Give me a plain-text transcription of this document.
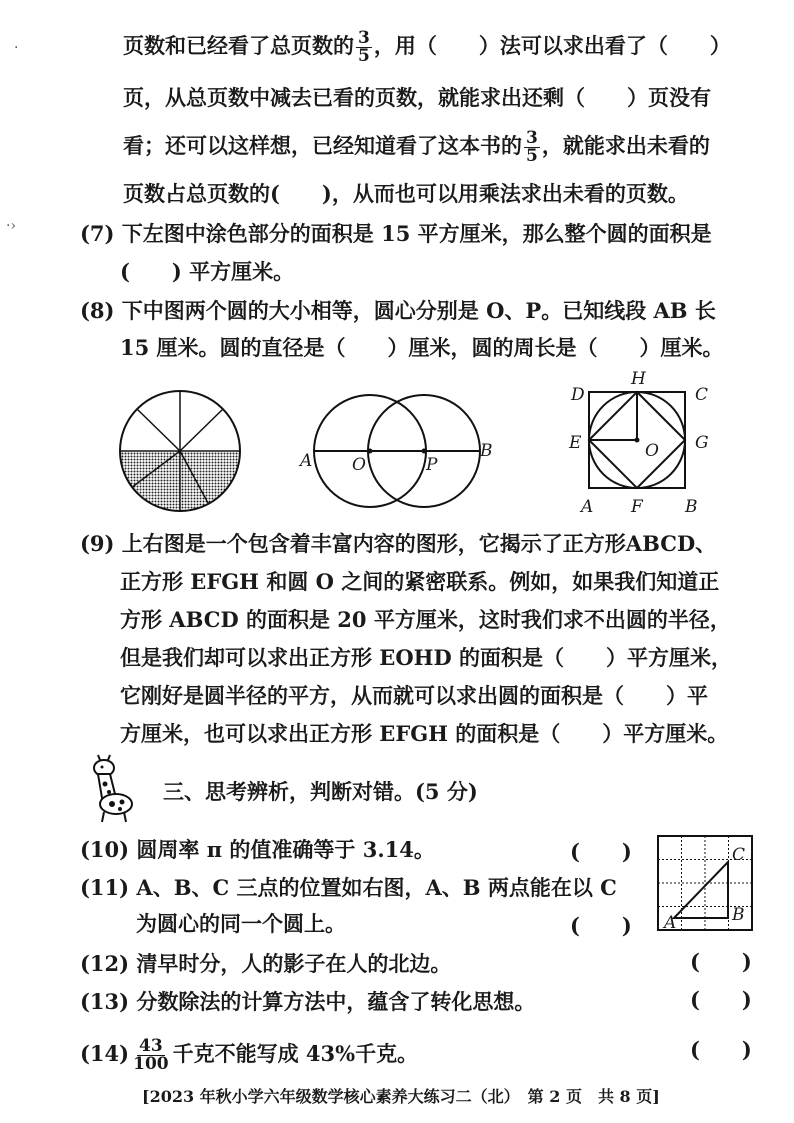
页数和已经看了总页数的 $\frac{3}{5}$ ，用（　　）法可以求出看了（　　）
页，从总页数中减去已看的页数，就能求出还剩（　　）页没有
看；还可以这样想，已经知道看了这本书的 $\frac{3}{5}$ ，就能求出未看的
页数占总页数的(　　)，从而也可以用乘法求出未看的页数。
(7) 下左图中涂色部分的面积是 15 平方厘米，那么整个圆的面积是
(　　) 平方厘米。
(8) 下中图两个圆的大小相等，圆心分别是 O、P。已知线段 AB 长
15 厘米。圆的直径是（　　）厘米，圆的周长是（　　）厘米。
A O	P
B
D
H
C
E	O G
A F B
(9) 上右图是一个包含着丰富内容的图形，它揭示了正方形ABCD、
正方形 EFGH 和圆 O 之间的紧密联系。例如，如果我们知道正
方形 ABCD 的面积是 20 平方厘米，这时我们求不出圆的半径，
但是我们却可以求出正方形 EOHD 的面积是（　　）平方厘米，
它刚好是圆半径的平方，从而就可以求出圆的面积是（　　）平
方厘米，也可以求出正方形 EFGH 的面积是（　　）平方厘米。
三、思考辨析，判断对错。(5 分)
(10) 圆周率 π 的值准确等于 3.14。	(　　)
(11) A、B、C 三点的位置如右图，A、B 两点能在以 C
为圆心的同一个圆上。	(　　) A
C
B
(12) 清早时分，人的影子在人的北边。	(　　)
(13) 分数除法的计算方法中，蕴含了转化思想。	(　　)
$(14) \frac{43}{100}$ 千克不能写成 43%千克。	(　　)
[2023 年秋小学六年级数学核心素养大练习二（北）　第 2 页　共 8 页]
·
·›
